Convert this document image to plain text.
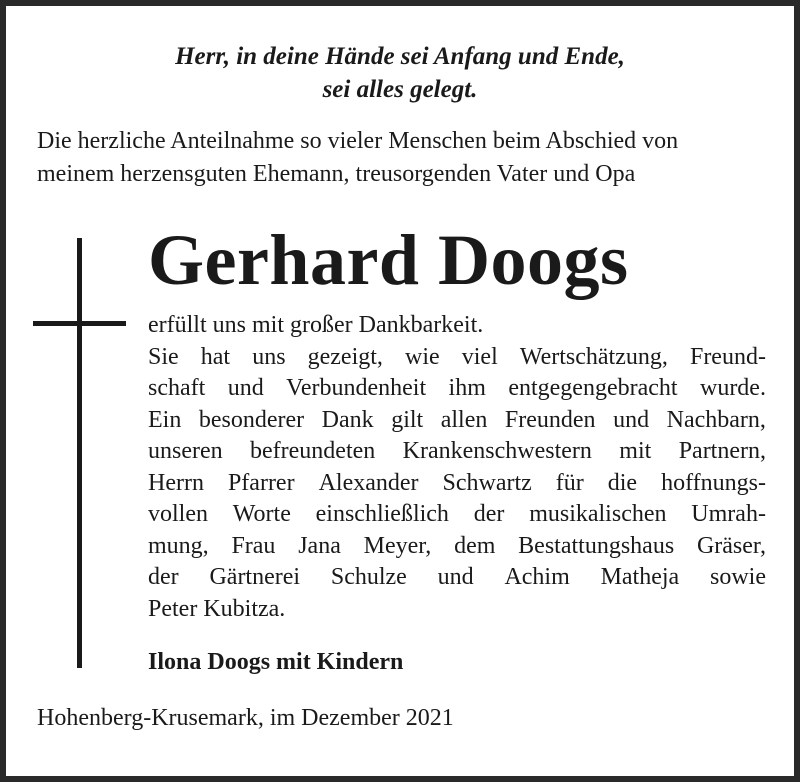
Herr, in deine Hände sei Anfang und Ende,
sei alles gelegt.
Die herzliche Anteilnahme so vieler Menschen beim Abschied von
meinem herzensguten Ehemann, treusorgenden Vater und Opa
Gerhard Doogs
erfüllt uns mit großer Dankbarkeit.
Sie hat uns gezeigt, wie viel Wertschätzung, Freund-
schaft und Verbundenheit ihm entgegengebracht wurde.
Ein besonderer Dank gilt allen Freunden und Nachbarn,
unseren befreundeten Krankenschwestern mit Partnern,
Herrn Pfarrer Alexander Schwartz für die hoffnungs-
vollen Worte einschließlich der musikalischen Umrah-
mung, Frau Jana Meyer, dem Bestattungshaus Gräser,
der Gärtnerei Schulze und Achim Matheja sowie
Peter Kubitza.
Ilona Doogs mit Kindern
Hohenberg-Krusemark, im Dezember 2021
